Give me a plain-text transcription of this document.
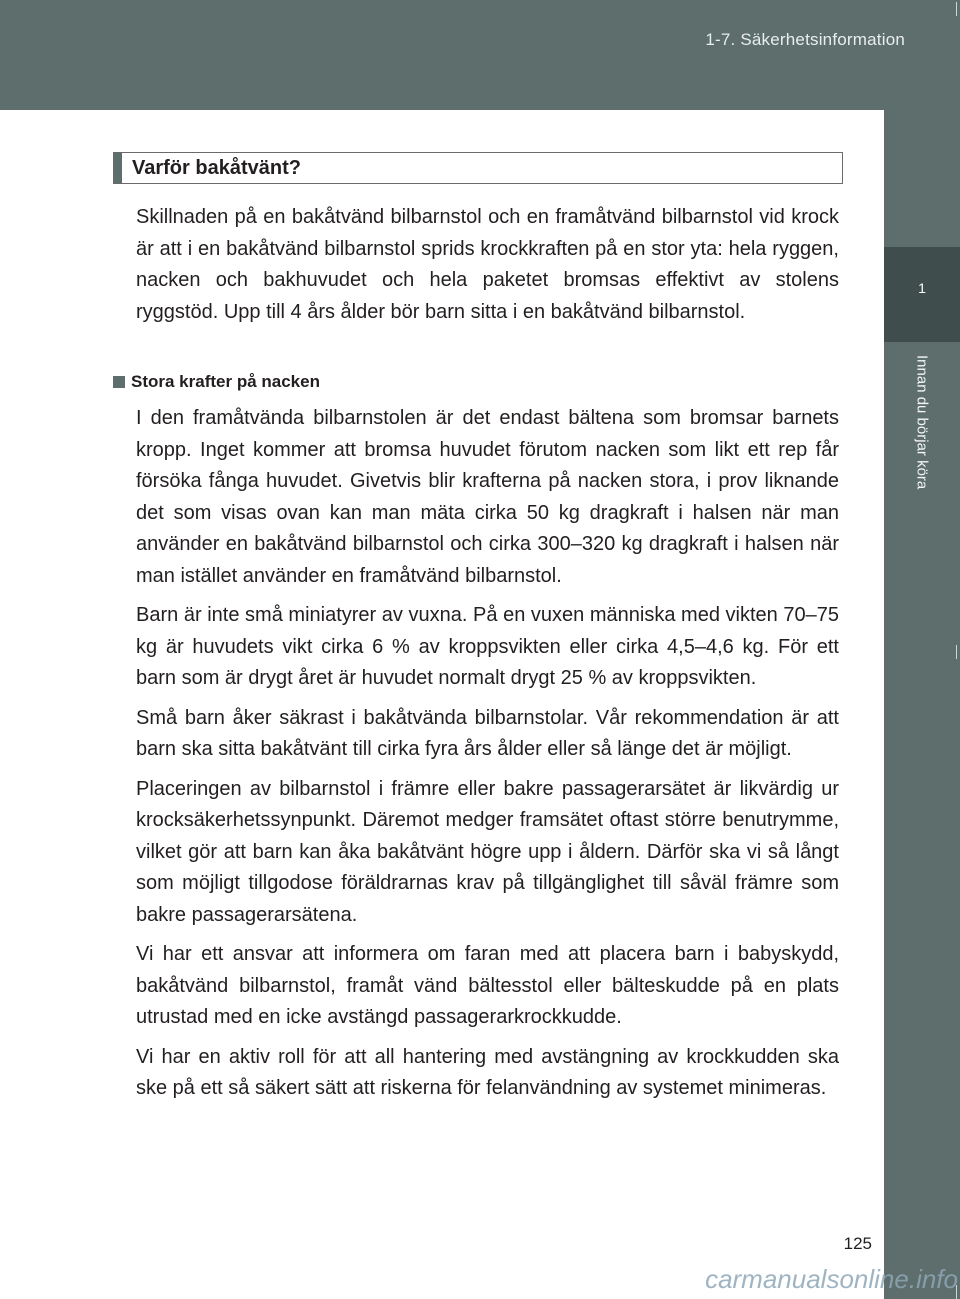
1-7. Säkerhetsinformation
1
Innan du börjar köra
Varför bakåtvänt?

Skillnaden på en bakåtvänd bilbarnstol och en framåtvänd bilbarnstol vid krock är att i en bakåtvänd bilbarnstol sprids krockkraften på en stor yta: hela ryggen, nacken och bakhuvudet och hela paketet bromsas effektivt av stolens ryggstöd. Upp till 4 års ålder bör barn sitta i en bakåtvänd bilbarnstol.

Stora krafter på nacken

I den framåtvända bilbarnstolen är det endast bältena som bromsar barnets kropp. Inget kommer att bromsa huvudet förutom nacken som likt ett rep får försöka fånga huvudet. Givetvis blir krafterna på nacken stora, i prov liknande det som visas ovan kan man mäta cirka 50 kg dragkraft i halsen när man använder en bakåtvänd bilbarnstol och cirka 300–320 kg dragkraft i halsen när man istället använder en framåtvänd bilbarnstol.

Barn är inte små miniatyrer av vuxna. På en vuxen människa med vikten 70–75 kg är huvudets vikt cirka 6 % av kroppsvikten eller cirka 4,5–4,6 kg. För ett barn som är drygt året är huvudet normalt drygt 25 % av kroppsvikten.

Små barn åker säkrast i bakåtvända bilbarnstolar. Vår rekommendation är att barn ska sitta bakåtvänt till cirka fyra års ålder eller så länge det är möjligt.

Placeringen av bilbarnstol i främre eller bakre passagerarsätet är likvärdig ur krocksäkerhetssynpunkt. Däremot medger framsätet oftast större benutrymme, vilket gör att barn kan åka bakåtvänt högre upp i åldern. Därför ska vi så långt som möjligt tillgodose föräldrarnas krav på tillgänglighet till såväl främre som bakre passagerarsätena.

Vi har ett ansvar att informera om faran med att placera barn i babyskydd, bakåtvänd bilbarnstol, framåt vänd bältesstol eller bälteskudde på en plats utrustad med en icke avstängd passagerarkrockkudde.

Vi har en aktiv roll för att all hantering med avstängning av krockkudden ska ske på ett så säkert sätt att riskerna för felanvändning av systemet minimeras.

125
carmanualsonline.info
